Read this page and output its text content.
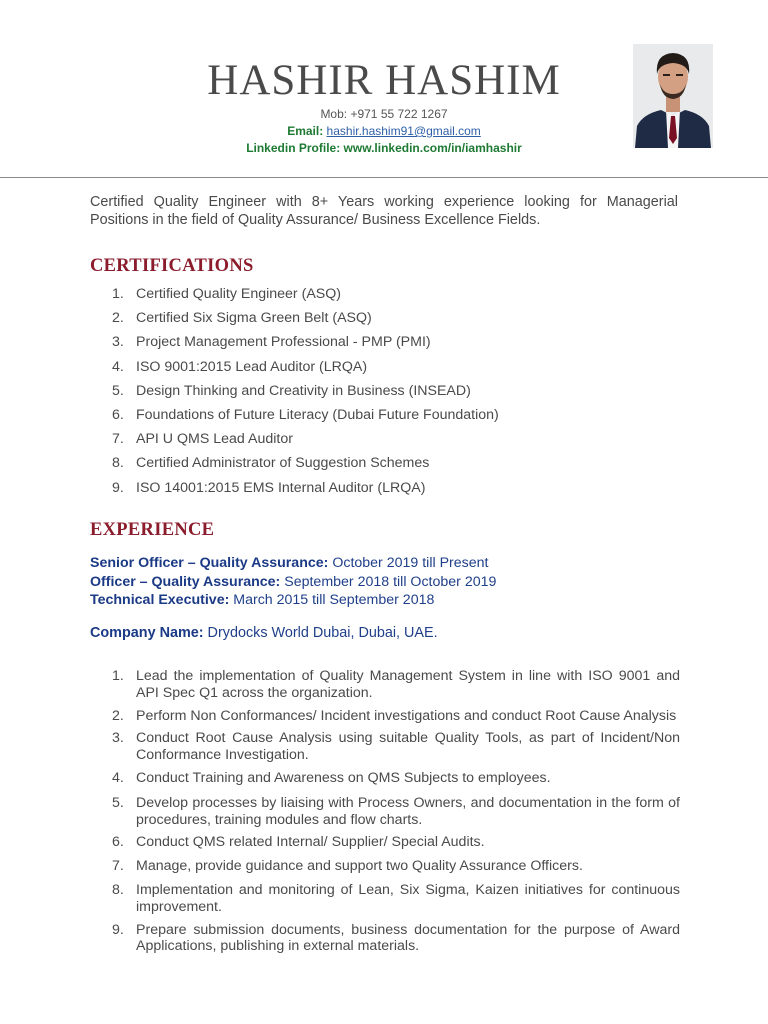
HASHIR HASHIM
Mob: +971 55 722 1267
Email: hashir.hashim91@gmail.com
Linkedin Profile: www.linkedin.com/in/iamhashir

Certified Quality Engineer with 8+ Years working experience looking for Managerial Positions in the field of Quality Assurance/ Business Excellence Fields.

CERTIFICATIONS
1. Certified Quality Engineer (ASQ)
2. Certified Six Sigma Green Belt (ASQ)
3. Project Management Professional - PMP (PMI)
4. ISO 9001:2015 Lead Auditor (LRQA)
5. Design Thinking and Creativity in Business (INSEAD)
6. Foundations of Future Literacy (Dubai Future Foundation)
7. API U QMS Lead Auditor
8. Certified Administrator of Suggestion Schemes
9. ISO 14001:2015 EMS Internal Auditor (LRQA)
EXPERIENCE
Senior Officer – Quality Assurance: October 2019 till Present
Officer – Quality Assurance: September 2018 till October 2019
Technical Executive: March 2015 till September 2018
Company Name: Drydocks World Dubai, Dubai, UAE.
1. Lead the implementation of Quality Management System in line with ISO 9001 and API Spec Q1 across the organization.
2. Perform Non Conformances/ Incident investigations and conduct Root Cause Analysis
3. Conduct Root Cause Analysis using suitable Quality Tools, as part of Incident/Non Conformance Investigation.
4. Conduct Training and Awareness on QMS Subjects to employees.
5. Develop processes by liaising with Process Owners, and documentation in the form of procedures, training modules and flow charts.
6. Conduct QMS related Internal/ Supplier/ Special Audits.
7. Manage, provide guidance and support two Quality Assurance Officers.
8. Implementation and monitoring of Lean, Six Sigma, Kaizen initiatives for continuous improvement.
9. Prepare submission documents, business documentation for the purpose of Award Applications, publishing in external materials.
